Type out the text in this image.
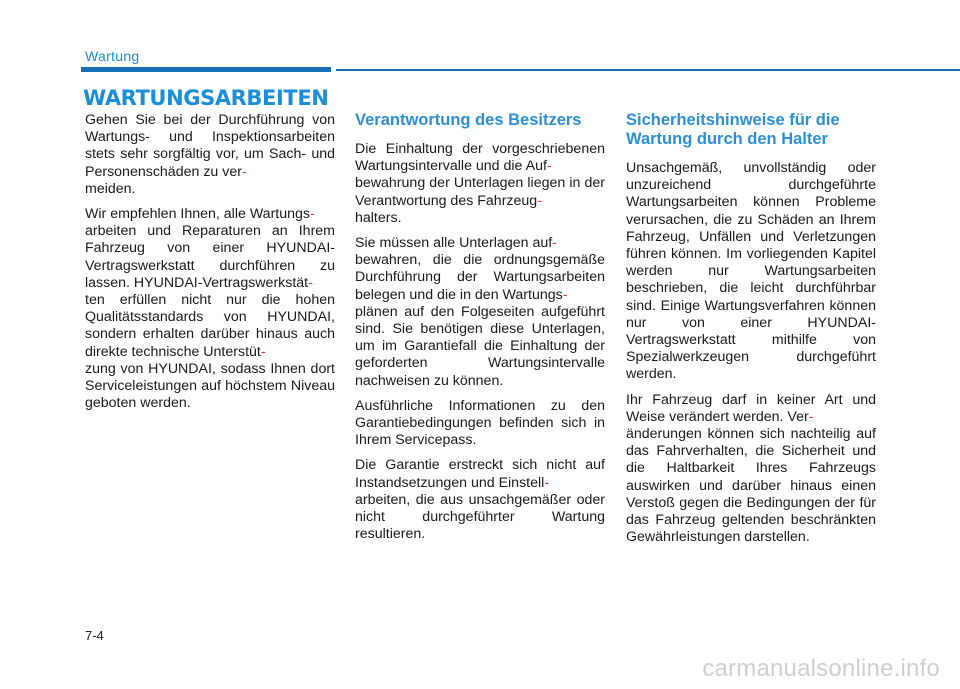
Wartung
WARTUNGSARBEITEN

Gehen Sie bei der Durchführung von Wartungs- und Inspektionsarbeiten stets sehr sorgfältig vor, um Sach- und Personenschäden zu ver-
meiden.

Wir empfehlen Ihnen, alle Wartungs-
arbeiten und Reparaturen an Ihrem Fahrzeug von einer HYUNDAI-Vertragswerkstatt durchführen zu lassen. HYUNDAI-Vertragswerkstät-
ten erfüllen nicht nur die hohen Qualitätsstandards von HYUNDAI, sondern erhalten darüber hinaus auch direkte technische Unterstüt-
zung von HYUNDAI, sodass Ihnen dort Serviceleistungen auf höchstem Niveau geboten werden.

Verantwortung des Besitzers

Die Einhaltung der vorgeschriebenen Wartungsintervalle und die Auf-
bewahrung der Unterlagen liegen in der Verantwortung des Fahrzeug-
halters.

Sie müssen alle Unterlagen auf-
bewahren, die die ordnungsgemäße Durchführung der Wartungsarbeiten belegen und die in den Wartungs-
plänen auf den Folgeseiten aufgeführt sind. Sie benötigen diese Unterlagen, um im Garantiefall die Einhaltung der geforderten Wartungsintervalle nachweisen zu können.

Ausführliche Informationen zu den Garantiebedingungen befinden sich in Ihrem Servicepass.

Die Garantie erstreckt sich nicht auf Instandsetzungen und Einstell-
arbeiten, die aus unsachgemäßer oder nicht durchgeführter Wartung resultieren.

Sicherheitshinweise für die Wartung durch den Halter

Unsachgemäß, unvollständig oder unzureichend durchgeführte Wartungsarbeiten können Probleme verursachen, die zu Schäden an Ihrem Fahrzeug, Unfällen und Verletzungen führen können. Im vorliegenden Kapitel werden nur Wartungsarbeiten beschrieben, die leicht durchführbar sind. Einige Wartungsverfahren können nur von einer HYUNDAI-Vertragswerkstatt mithilfe von Spezialwerkzeugen durchgeführt werden.

Ihr Fahrzeug darf in keiner Art und Weise verändert werden. Ver-
änderungen können sich nachteilig auf das Fahrverhalten, die Sicherheit und die Haltbarkeit Ihres Fahrzeugs auswirken und darüber hinaus einen Verstoß gegen die Bedingungen der für das Fahrzeug geltenden beschränkten Gewährleistungen darstellen.

7-4
carmanualsonline.info
